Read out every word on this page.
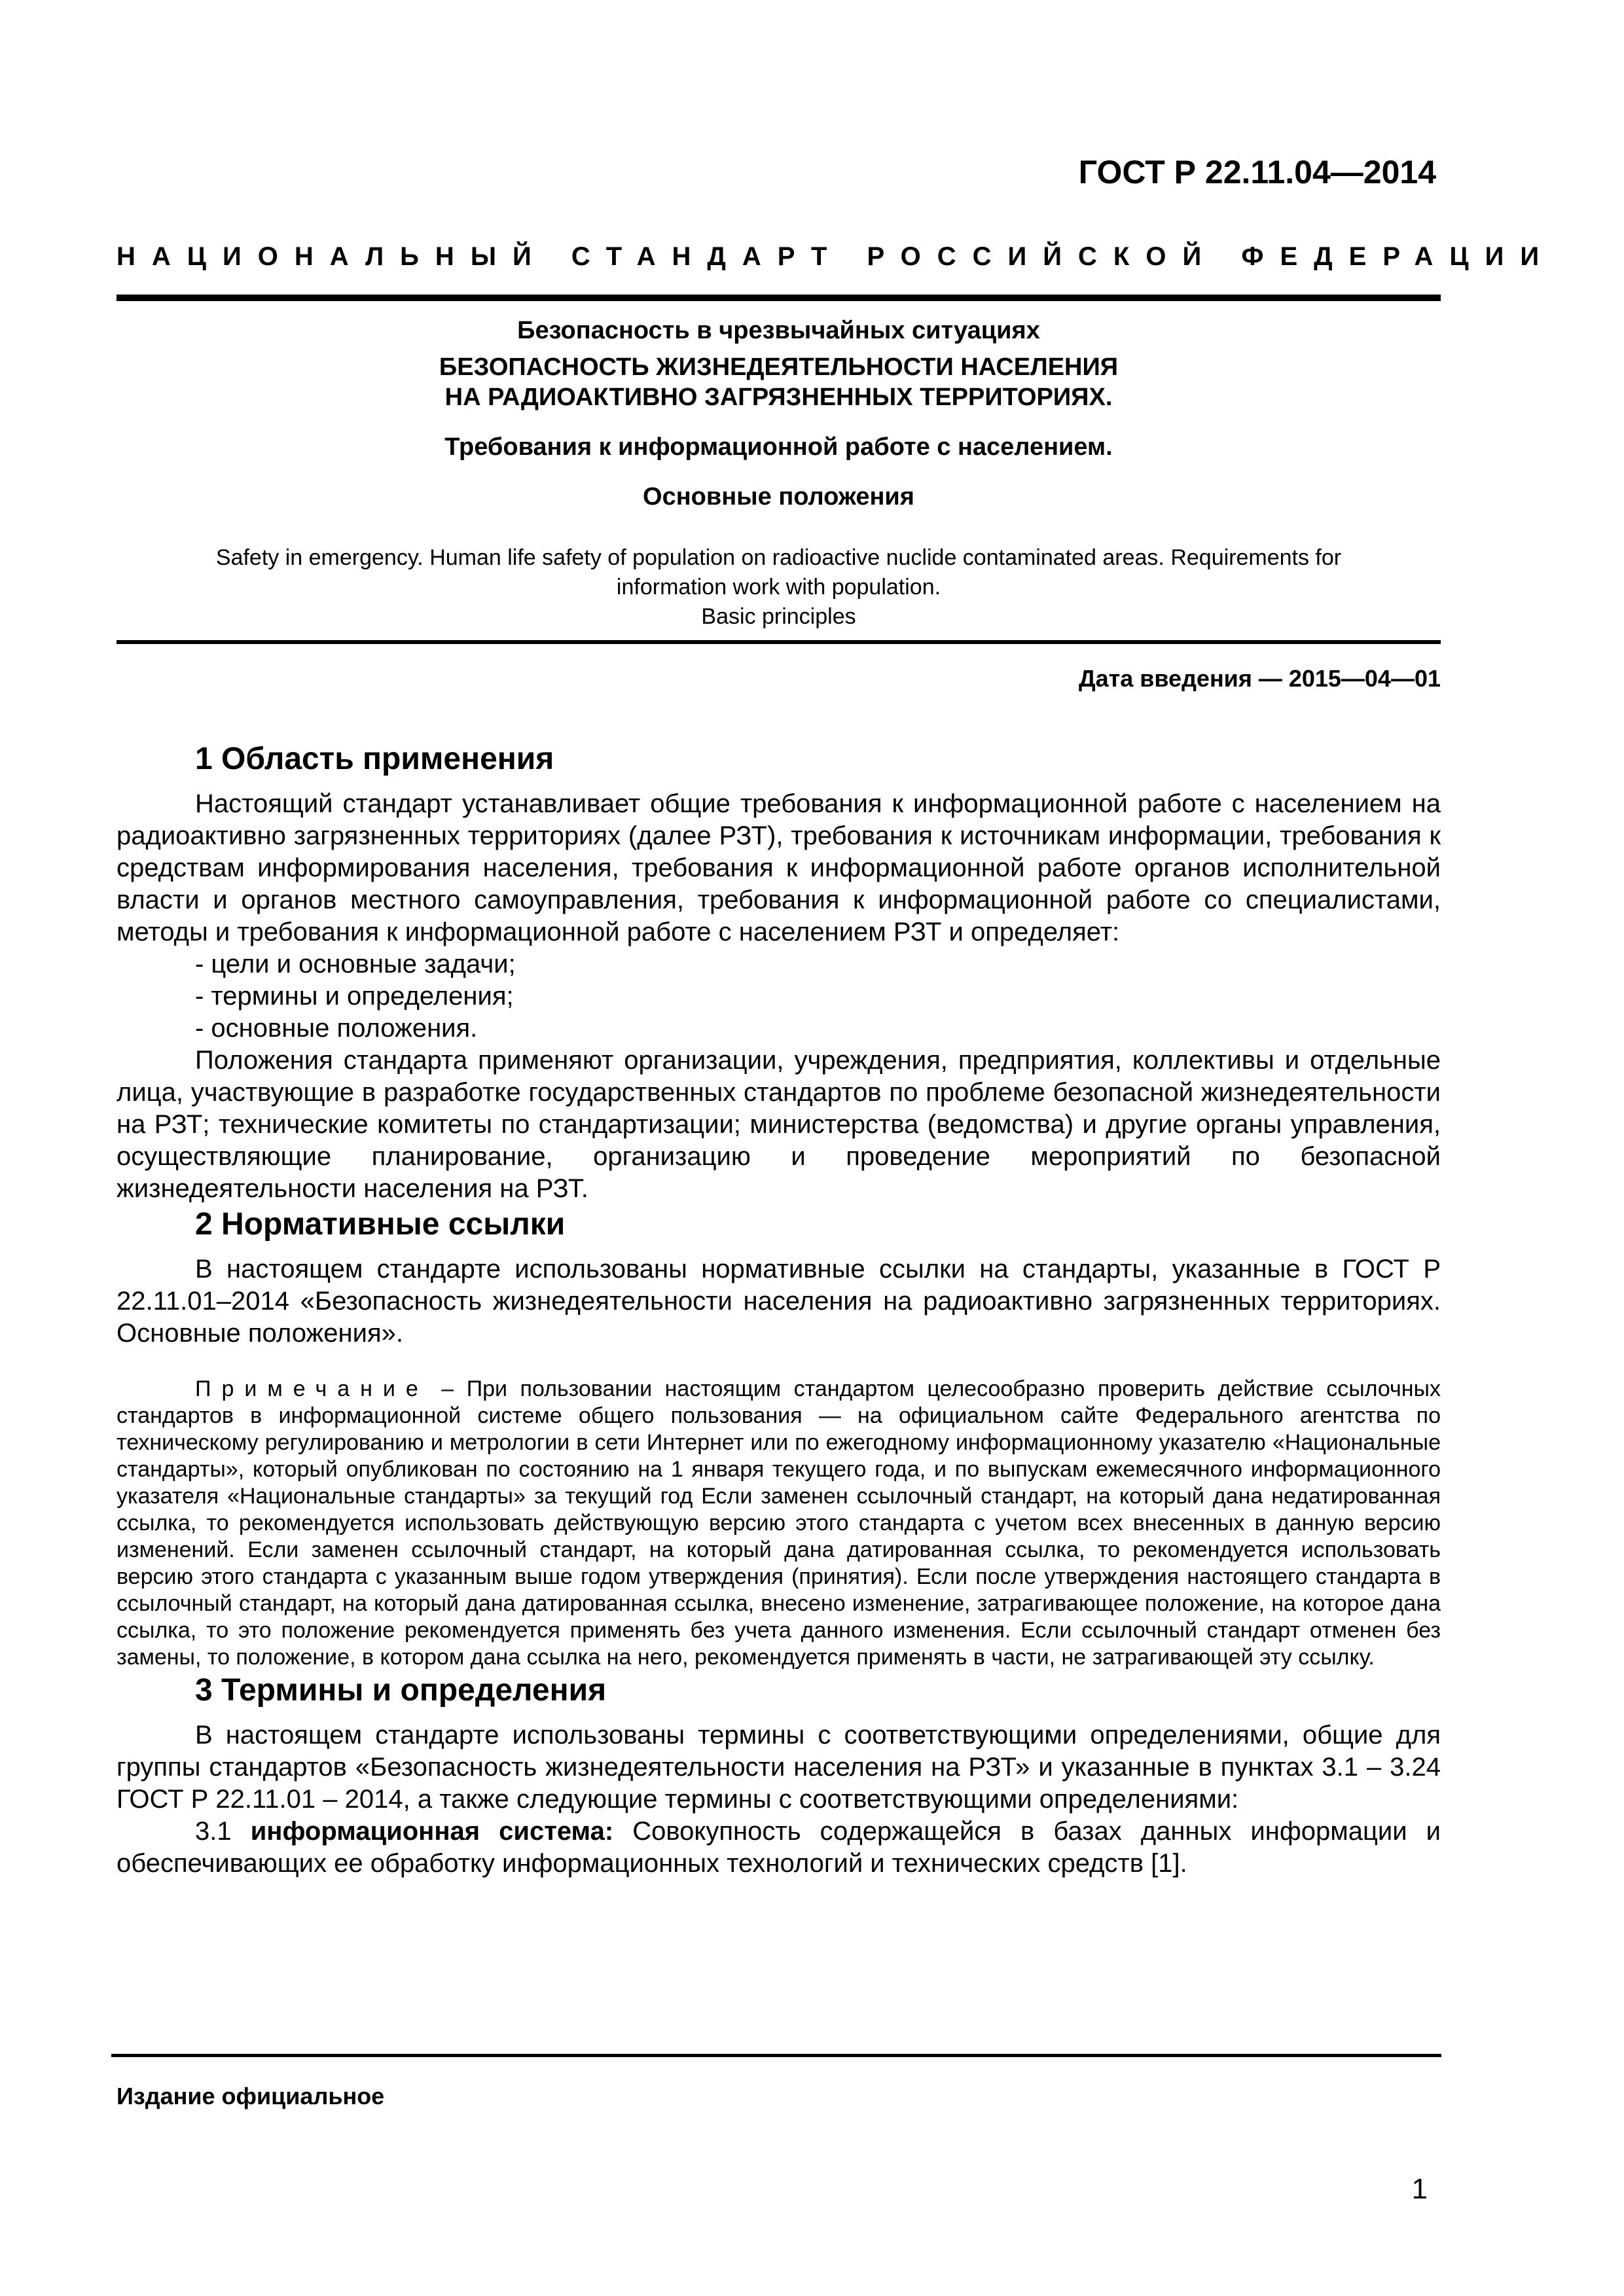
ГОСТ Р 22.11.04—2014
НАЦИОНАЛЬНЫЙ СТАНДАРТ РОССИЙСКОЙ ФЕДЕРАЦИИ
Безопасность в чрезвычайных ситуациях
БЕЗОПАСНОСТЬ ЖИЗНЕДЕЯТЕЛЬНОСТИ НАСЕЛЕНИЯ
НА РАДИОАКТИВНО ЗАГРЯЗНЕННЫХ ТЕРРИТОРИЯХ.
Требования к информационной работе с населением.
Основные положения
Safety in emergency. Human life safety of population on radioactive nuclide contaminated areas. Requirements for
information work with population.
Basic principles
Дата введения — 2015—04—01
1 Область применения

Настоящий стандарт устанавливает общие требования к информационной работе с населением на радиоактивно загрязненных территориях (далее РЗТ), требования к источникам информации, требования к средствам информирования населения, требования к информационной работе органов исполнительной власти и органов местного самоуправления, требования к информационной работе со специалистами, методы и требования к информационной работе с населением РЗТ и определяет:

- цели и основные задачи;

- термины и определения;

- основные положения.

Положения стандарта применяют организации, учреждения, предприятия, коллективы и отдельные лица, участвующие в разработке государственных стандартов по проблеме безопасной жизнедеятельности на РЗТ; технические комитеты по стандартизации; министерства (ведомства) и другие органы управления, осуществляющие планирование, организацию и проведение мероприятий по безопасной жизнедеятельности населения на РЗТ.

2 Нормативные ссылки

В настоящем стандарте использованы нормативные ссылки на стандарты, указанные в ГОСТ Р 22.11.01–2014 «Безопасность жизнедеятельности населения на радиоактивно загрязненных территориях. Основные положения».

Примечание – При пользовании настоящим стандартом целесообразно проверить действие ссылочных стандартов в информационной системе общего пользования — на официальном сайте Федерального агентства по техническому регулированию и метрологии в сети Интернет или по ежегодному информационному указателю «Национальные стандарты», который опубликован по состоянию на 1 января текущего года, и по выпускам ежемесячного информационного указателя «Национальные стандарты» за текущий год Если заменен ссылочный стандарт, на который дана недатированная ссылка, то рекомендуется использовать действующую версию этого стандарта с учетом всех внесенных в данную версию изменений. Если заменен ссылочный стандарт, на который дана датированная ссылка, то рекомендуется использовать версию этого стандарта с указанным выше годом утверждения (принятия). Если после утверждения настоящего стандарта в ссылочный стандарт, на который дана датированная ссылка, внесено изменение, затрагивающее положение, на которое дана ссылка, то это положение рекомендуется применять без учета данного изменения. Если ссылочный стандарт отменен без замены, то положение, в котором дана ссылка на него, рекомендуется применять в части, не затрагивающей эту ссылку.

3 Термины и определения

В настоящем стандарте использованы термины с соответствующими определениями, общие для группы стандартов «Безопасность жизнедеятельности населения на РЗТ» и указанные в пунктах 3.1 – 3.24 ГОСТ Р 22.11.01 – 2014, а также следующие термины с соответствующими определениями:

3.1 информационная система: Совокупность содержащейся в базах данных информации и обеспечивающих ее обработку информационных технологий и технических средств [1].

Издание официальное
1
